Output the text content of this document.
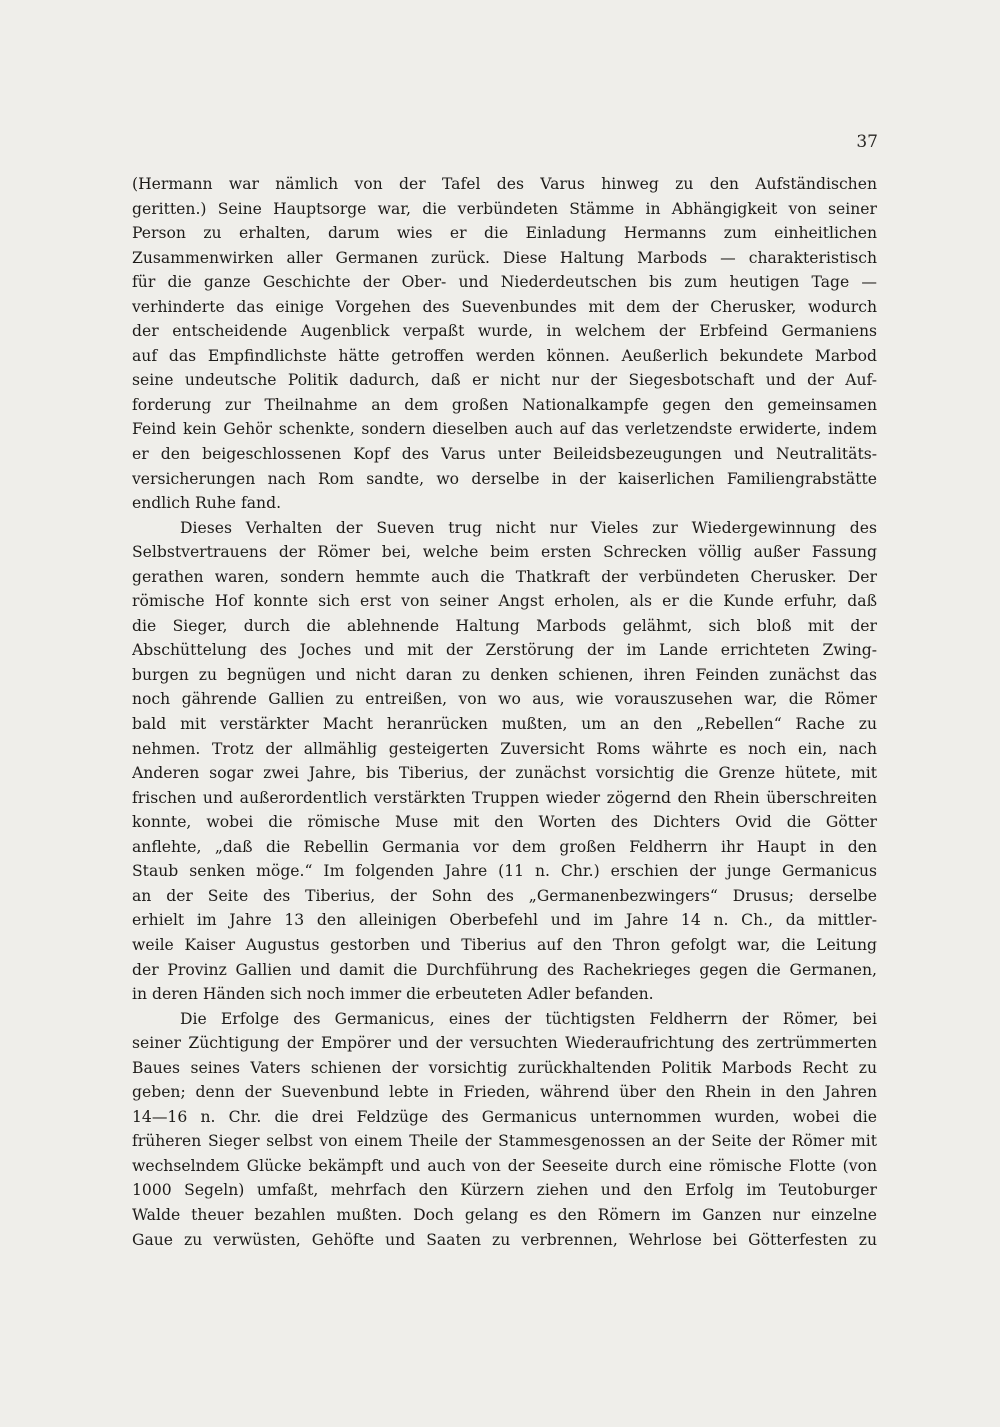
37
(Hermann war nämlich von der Tafel des Varus hinweg zu den Aufständischen
geritten.) Seine Hauptsorge war, die verbündeten Stämme in Abhängigkeit von seiner
Person zu erhalten, darum wies er die Einladung Hermanns zum einheitlichen
Zusammenwirken aller Germanen zurück. Diese Haltung Marbods — charakteristisch
für die ganze Geschichte der Ober- und Niederdeutschen bis zum heutigen Tage —
verhinderte das einige Vorgehen des Suevenbundes mit dem der Cherusker, wodurch
der entscheidende Augenblick verpaßt wurde, in welchem der Erbfeind Germaniens
auf das Empfindlichste hätte getroffen werden können. Aeußerlich bekundete Marbod
seine undeutsche Politik dadurch, daß er nicht nur der Siegesbotschaft und der Auf-
forderung zur Theilnahme an dem großen Nationalkampfe gegen den gemeinsamen
Feind kein Gehör schenkte, sondern dieselben auch auf das verletzendste erwiderte, indem
er den beigeschlossenen Kopf des Varus unter Beileidsbezeugungen und Neutralitäts-
versicherungen nach Rom sandte, wo derselbe in der kaiserlichen Familiengrabstätte
endlich Ruhe fand.
Dieses Verhalten der Sueven trug nicht nur Vieles zur Wiedergewinnung des
Selbstvertrauens der Römer bei, welche beim ersten Schrecken völlig außer Fassung
gerathen waren, sondern hemmte auch die Thatkraft der verbündeten Cherusker. Der
römische Hof konnte sich erst von seiner Angst erholen, als er die Kunde erfuhr, daß
die Sieger, durch die ablehnende Haltung Marbods gelähmt, sich bloß mit der
Abschüttelung des Joches und mit der Zerstörung der im Lande errichteten Zwing-
burgen zu begnügen und nicht daran zu denken schienen, ihren Feinden zunächst das
noch gährende Gallien zu entreißen, von wo aus, wie vorauszusehen war, die Römer
bald mit verstärkter Macht heranrücken mußten, um an den „Rebellen“ Rache zu
nehmen. Trotz der allmählig gesteigerten Zuversicht Roms währte es noch ein, nach
Anderen sogar zwei Jahre, bis Tiberius, der zunächst vorsichtig die Grenze hütete, mit
frischen und außerordentlich verstärkten Truppen wieder zögernd den Rhein überschreiten
konnte, wobei die römische Muse mit den Worten des Dichters Ovid die Götter
anflehte, „daß die Rebellin Germania vor dem großen Feldherrn ihr Haupt in den
Staub senken möge.“ Im folgenden Jahre (11 n. Chr.) erschien der junge Germanicus
an der Seite des Tiberius, der Sohn des „Germanenbezwingers“ Drusus; derselbe
erhielt im Jahre 13 den alleinigen Oberbefehl und im Jahre 14 n. Ch., da mittler-
weile Kaiser Augustus gestorben und Tiberius auf den Thron gefolgt war, die Leitung
der Provinz Gallien und damit die Durchführung des Rachekrieges gegen die Germanen,
in deren Händen sich noch immer die erbeuteten Adler befanden.
Die Erfolge des Germanicus, eines der tüchtigsten Feldherrn der Römer, bei
seiner Züchtigung der Empörer und der versuchten Wiederaufrichtung des zertrümmerten
Baues seines Vaters schienen der vorsichtig zurückhaltenden Politik Marbods Recht zu
geben; denn der Suevenbund lebte in Frieden, während über den Rhein in den Jahren
14—16 n. Chr. die drei Feldzüge des Germanicus unternommen wurden, wobei die
früheren Sieger selbst von einem Theile der Stammesgenossen an der Seite der Römer mit
wechselndem Glücke bekämpft und auch von der Seeseite durch eine römische Flotte (von
1000 Segeln) umfaßt, mehrfach den Kürzern ziehen und den Erfolg im Teutoburger
Walde theuer bezahlen mußten. Doch gelang es den Römern im Ganzen nur einzelne
Gaue zu verwüsten, Gehöfte und Saaten zu verbrennen, Wehrlose bei Götterfesten zu
